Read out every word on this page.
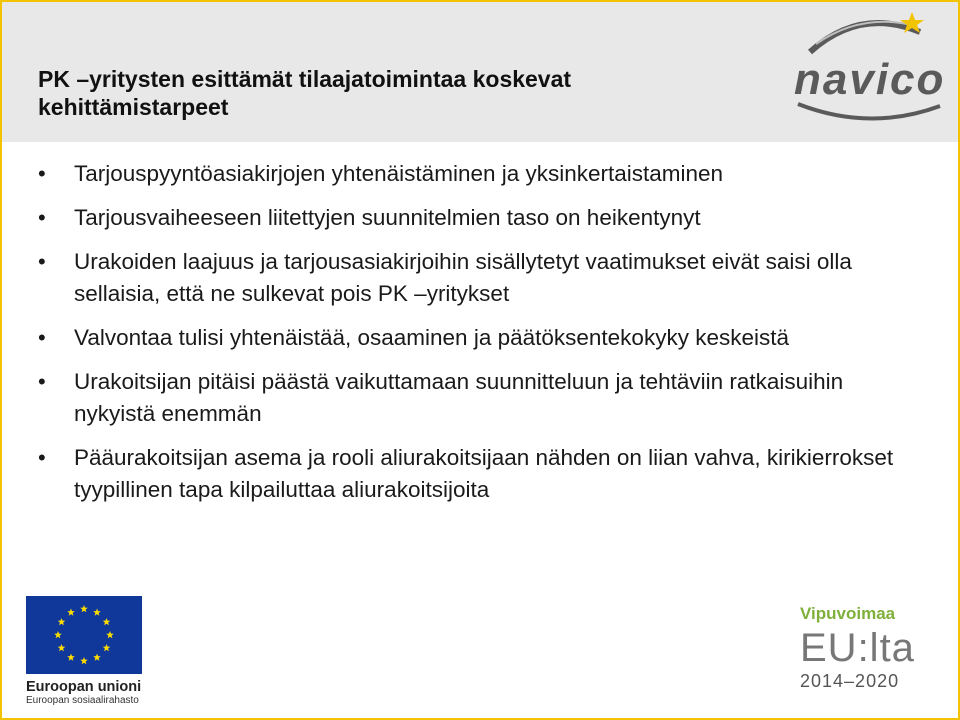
PK –yritysten esittämät tilaajatoimintaa koskevat kehittämistarpeet
navico
• Tarjouspyyntöasiakirjojen yhtenäistäminen ja yksinkertaistaminen
• Tarjousvaiheeseen liitettyjen suunnitelmien taso on heikentynyt
• Urakoiden laajuus ja tarjousasiakirjoihin sisällytetyt vaatimukset eivät saisi olla sellaisia, että ne sulkevat pois PK –yritykset
• Valvontaa tulisi yhtenäistää, osaaminen ja päätöksentekokyky keskeistä
• Urakoitsijan pitäisi päästä vaikuttamaan suunnitteluun ja tehtäviin ratkaisuihin nykyistä enemmän
• Pääurakoitsijan asema ja rooli aliurakoitsijaan nähden on liian vahva, kirikierrokset tyypillinen tapa kilpailuttaa aliurakoitsijoita
Euroopan unioni
Euroopan sosiaalirahasto
Vipuvoimaa
EU:lta
2014–2020
